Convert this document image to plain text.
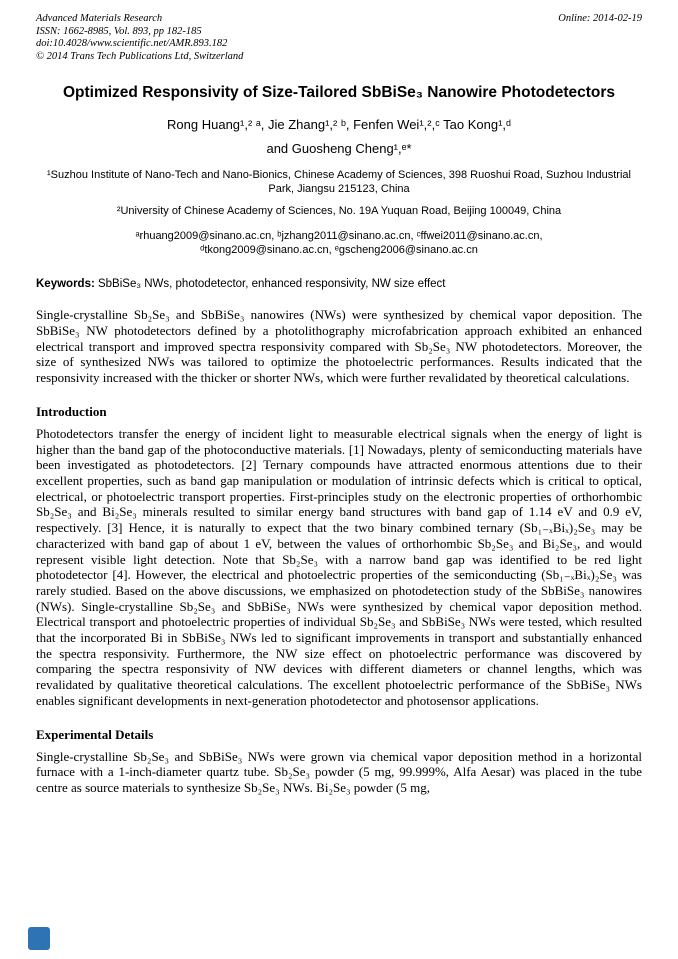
Advanced Materials Research	Online: 2014-02-19
ISSN: 1662-8985, Vol. 893, pp 182-185
doi:10.4028/www.scientific.net/AMR.893.182
© 2014 Trans Tech Publications Ltd, Switzerland
Optimized Responsivity of Size-Tailored SbBiSe₃ Nanowire Photodetectors

Rong Huang¹,² ᵃ, Jie Zhang¹,² ᵇ, Fenfen Wei¹,²,ᶜ Tao Kong¹,ᵈ

and Guosheng Cheng¹,ᵉ*

¹Suzhou Institute of Nano-Tech and Nano-Bionics, Chinese Academy of Sciences, 398 Ruoshui Road, Suzhou Industrial Park, Jiangsu 215123, China

²University of Chinese Academy of Sciences, No. 19A Yuquan Road, Beijing 100049, China

ᵃrhuang2009@sinano.ac.cn, ᵇjzhang2011@sinano.ac.cn, ᶜffwei2011@sinano.ac.cn, ᵈtkong2009@sinano.ac.cn, ᵉgscheng2006@sinano.ac.cn

Keywords: SbBiSe₃ NWs, photodetector, enhanced responsivity, NW size effect

Single-crystalline Sb₂Se₃ and SbBiSe₃ nanowires (NWs) were synthesized by chemical vapor deposition. The SbBiSe₃ NW photodetectors defined by a photolithography microfabrication approach exhibited an enhanced electrical transport and improved spectra responsivity compared with Sb₂Se₃ NW photodetectors. Moreover, the size of synthesized NWs was tailored to optimize the photoelectric performances. Results indicated that the responsivity increased with the thicker or shorter NWs, which were further revalidated by theoretical calculations.

Introduction

Photodetectors transfer the energy of incident light to measurable electrical signals when the energy of light is higher than the band gap of the photoconductive materials. [1] Nowadays, plenty of semiconducting materials have been investigated as photodetectors. [2] Ternary compounds have attracted enormous attentions due to their excellent properties, such as band gap manipulation or modulation of intrinsic defects which is critical to optical, electrical, or photoelectric transport properties. First-principles study on the electronic properties of orthorhombic Sb₂Se₃ and Bi₂Se₃ minerals resulted to similar energy band structures with band gap of 1.14 eV and 0.9 eV, respectively. [3] Hence, it is naturally to expect that the two binary combined ternary (Sb₁₋ₓBiₓ)₂Se₃ may be characterized with band gap of about 1 eV, between the values of orthorhombic Sb₂Se₃ and Bi₂Se₃, and would represent visible light detection. Note that Sb₂Se₃ with a narrow band gap was identified to be red light photodetector [4]. However, the electrical and photoelectric properties of the semiconducting (Sb₁₋ₓBiₓ)₂Se₃ was rarely studied. Based on the above discussions, we emphasized on photodetection study of the SbBiSe₃ nanowires (NWs). Single-crystalline Sb₂Se₃ and SbBiSe₃ NWs were synthesized by chemical vapor deposition method. Electrical transport and photoelectric properties of individual Sb₂Se₃ and SbBiSe₃ NWs were tested, which resulted that the incorporated Bi in SbBiSe₃ NWs led to significant improvements in transport and substantially enhanced the spectra responsivity. Furthermore, the NW size effect on photoelectric performance was discovered by comparing the spectra responsivity of NW devices with different diameters or channel lengths, which was revalidated by qualitative theoretical calculations. The excellent photoelectric performance of the SbBiSe₃ NWs enables significant developments in next-generation photodetector and photosensor applications.

Experimental Details

Single-crystalline Sb₂Se₃ and SbBiSe₃ NWs were grown via chemical vapor deposition method in a horizontal furnace with a 1-inch-diameter quartz tube. Sb₂Se₃ powder (5 mg, 99.999%, Alfa Aesar) was placed in the tube centre as source materials to synthesize Sb₂Se₃ NWs. Bi₂Se₃ powder (5 mg,
